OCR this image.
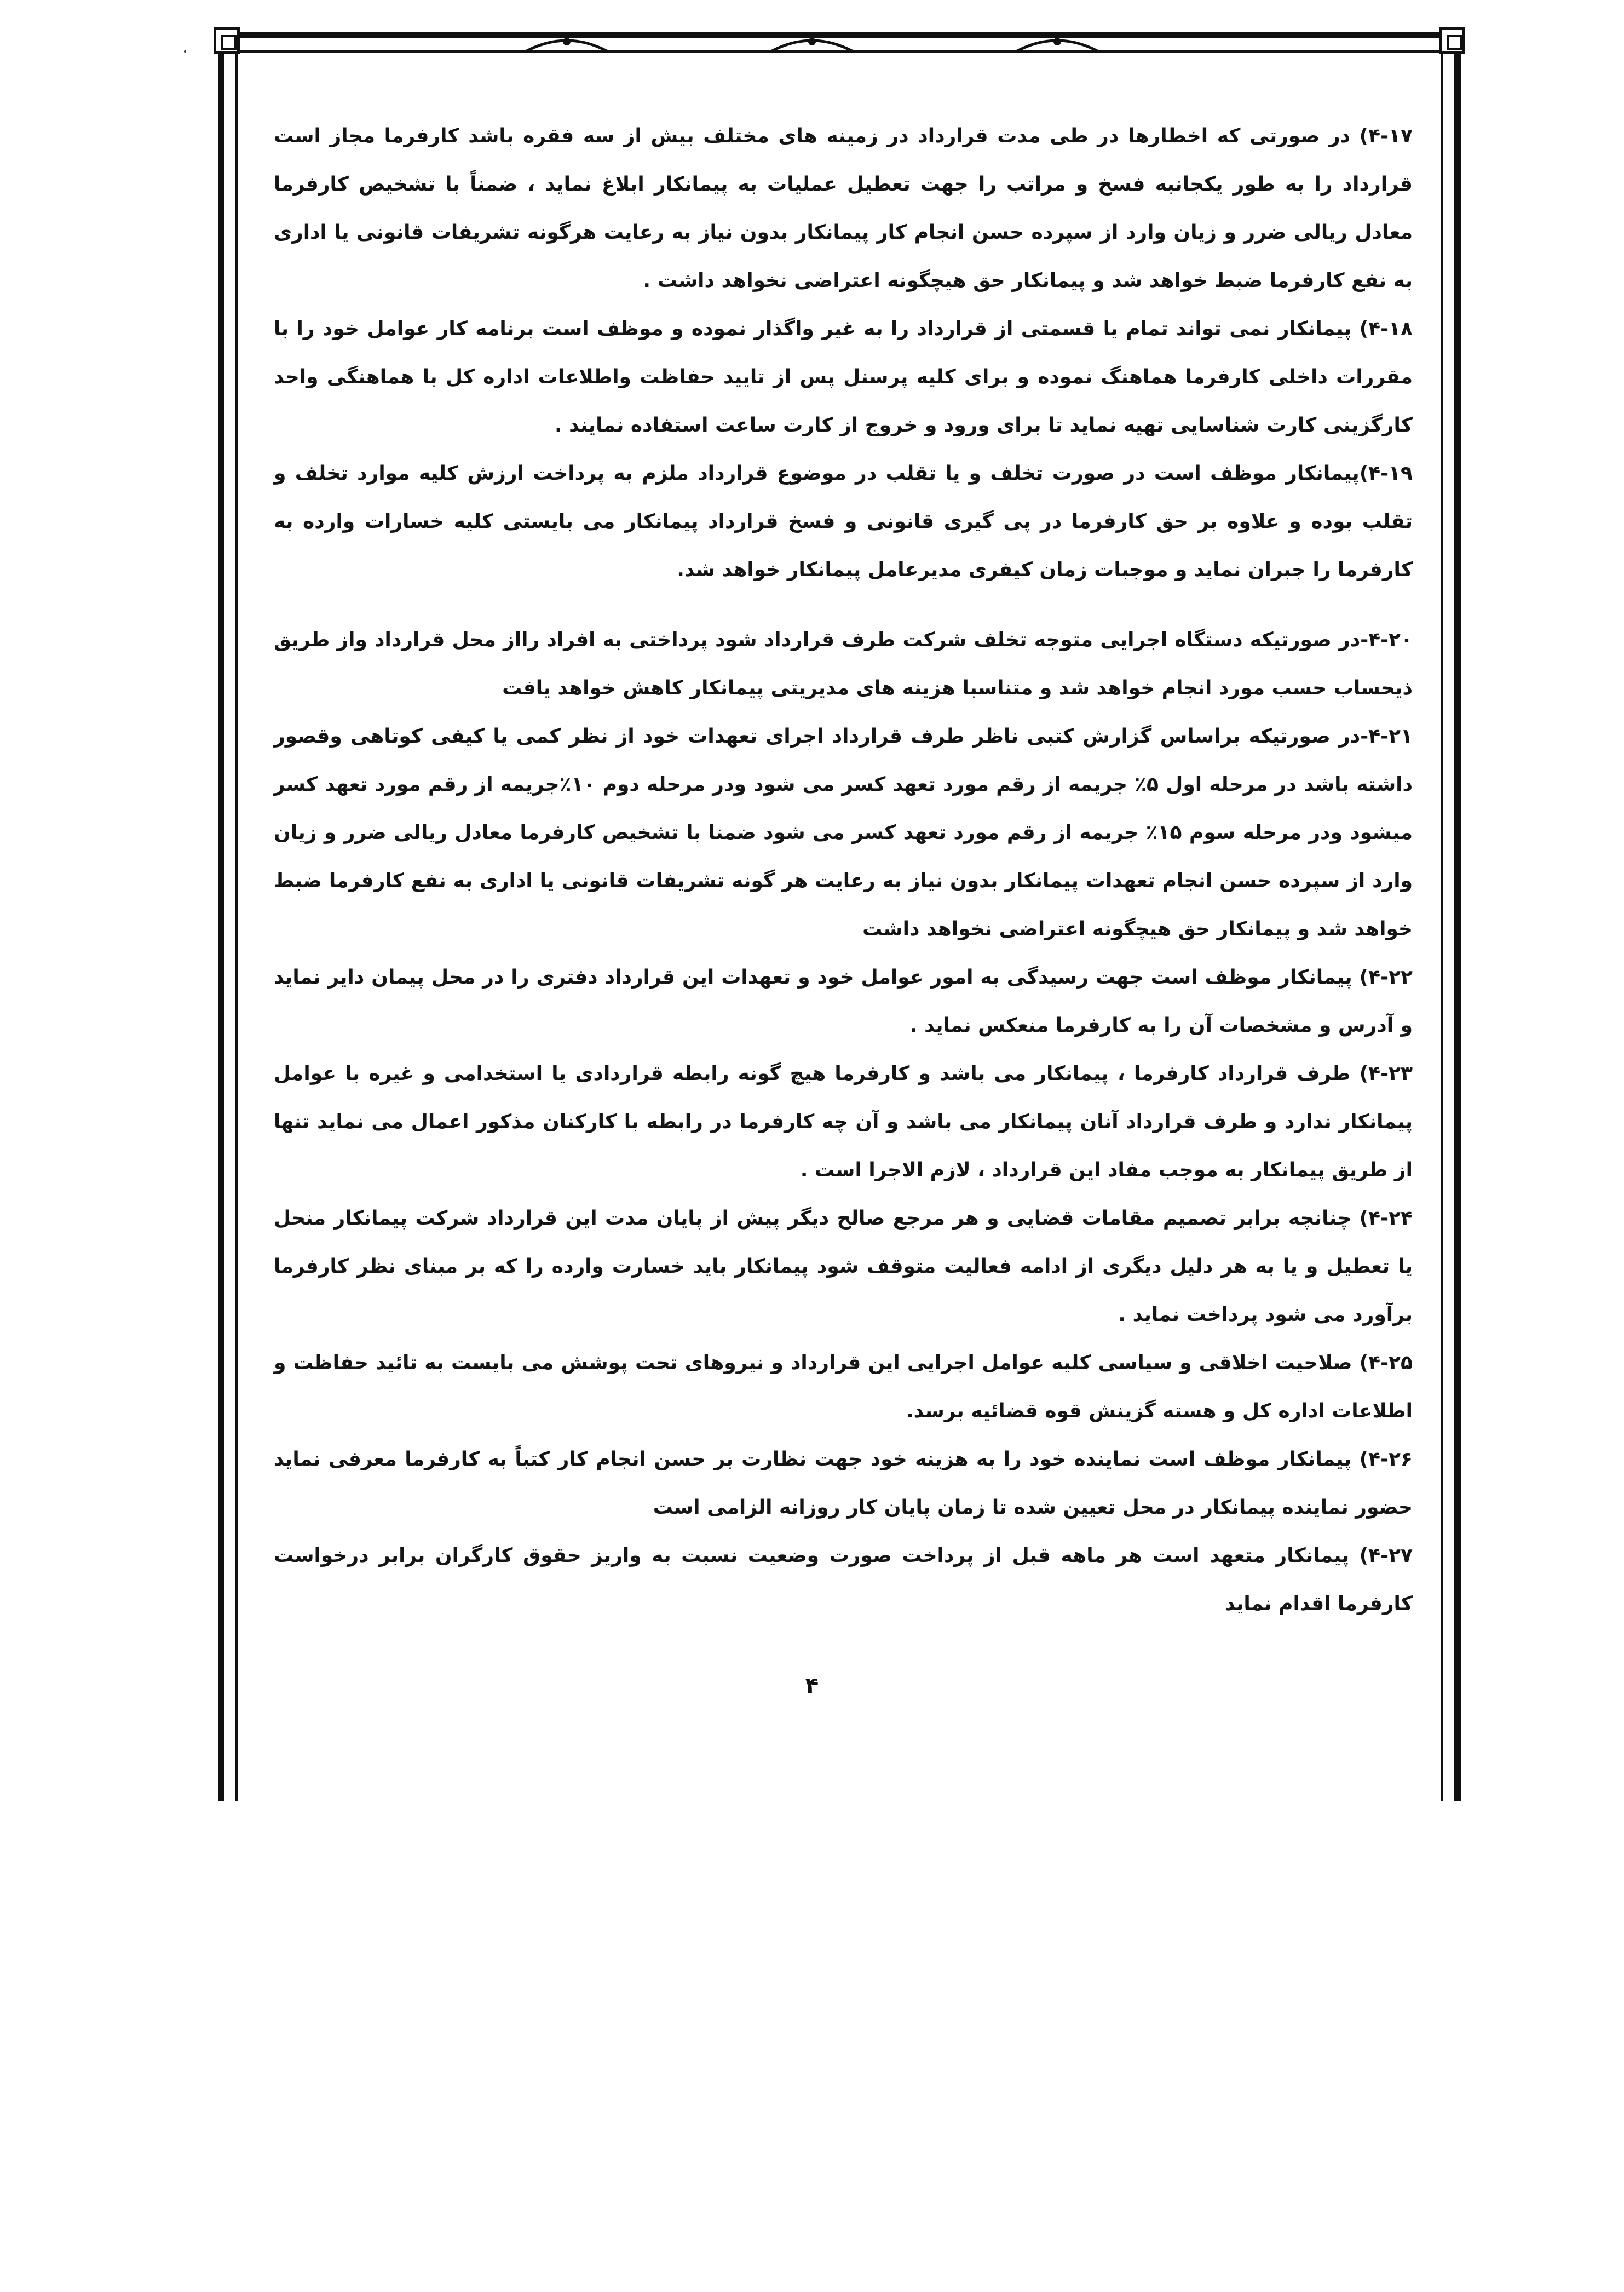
۴-۱۷) در صورتی که اخطارها در طی مدت قرارداد در زمینه های مختلف بیش از سه فقره باشد کارفرما مجاز است قرارداد را به طور یکجانبه فسخ و مراتب را جهت تعطیل عملیات به پیمانکار ابلاغ نماید ، ضمناً با تشخیص کارفرما معادل ریالی ضرر و زیان وارد از سپرده حسن انجام کار پیمانکار بدون نیاز به رعایت هرگونه تشریفات قانونی یا اداری به نفع کارفرما ضبط خواهد شد و پیمانکار حق هیچگونه اعتراضی نخواهد داشت .

۴-۱۸) پیمانکار نمی تواند تمام یا قسمتی از قرارداد را به غیر واگذار نموده و موظف است برنامه کار عوامل خود را با مقررات داخلی کارفرما هماهنگ نموده و برای کلیه پرسنل پس از تایید حفاظت واطلاعات اداره کل با هماهنگی واحد کارگزینی کارت شناسایی تهیه نماید تا برای ورود و خروج از کارت ساعت استفاده نمایند .

۴-۱۹)پیمانکار موظف است در صورت تخلف و یا تقلب در موضوع قرارداد ملزم به پرداخت ارزش کلیه موارد تخلف و تقلب بوده و علاوه بر حق کارفرما در پی گیری قانونی و فسخ قرارداد پیمانکار می بایستی کلیه خسارات وارده به کارفرما را جبران نماید و موجبات زمان کیفری مدیرعامل پیمانکار خواهد شد.

۴-۲۰-در صورتیکه دستگاه اجرایی متوجه تخلف شرکت طرف قرارداد شود پرداختی به افراد رااز محل قرارداد واز طریق ذیحساب حسب مورد انجام خواهد شد و متناسبا هزینه های مدیریتی پیمانکار کاهش خواهد یافت

۴-۲۱-در صورتیکه براساس گزارش کتبی ناظر طرف قرارداد اجرای تعهدات خود از نظر کمی یا کیفی کوتاهی وقصور داشته باشد در مرحله اول ۵٪ جریمه از رقم مورد تعهد کسر می شود ودر مرحله دوم ۱۰٪جریمه از رقم مورد تعهد کسر میشود ودر مرحله سوم ۱۵٪ جریمه از رقم مورد تعهد کسر می شود ضمنا با تشخیص کارفرما معادل ریالی ضرر و زیان وارد از سپرده حسن انجام تعهدات پیمانکار بدون نیاز به رعایت هر گونه تشریفات قانونی یا اداری به نفع کارفرما ضبط خواهد شد و پیمانکار حق هیچگونه اعتراضی نخواهد داشت

۴-۲۲) پیمانکار موظف است جهت رسیدگی به امور عوامل خود و تعهدات این قرارداد دفتری را در محل پیمان دایر نماید و آدرس و مشخصات آن را به کارفرما منعکس نماید .

۴-۲۳) طرف قرارداد کارفرما ، پیمانکار می باشد و کارفرما هیچ گونه رابطه قراردادی یا استخدامی و غیره با عوامل پیمانکار ندارد و طرف قرارداد آنان پیمانکار می باشد و آن چه کارفرما در رابطه با کارکنان مذکور اعمال می نماید تنها از طریق پیمانکار به موجب مفاد این قرارداد ، لازم الاجرا است .

۴-۲۴) چنانچه برابر تصمیم مقامات قضایی و هر مرجع صالح دیگر پیش از پایان مدت این قرارداد شرکت پیمانکار منحل یا تعطیل و یا به هر دلیل دیگری از ادامه فعالیت متوقف شود پیمانکار باید خسارت وارده را که بر مبنای نظر کارفرما برآورد می شود پرداخت نماید .

۴-۲۵) صلاحیت اخلاقی و سیاسی کلیه عوامل اجرایی این قرارداد و نیروهای تحت پوشش می بایست به تائید حفاظت و اطلاعات اداره کل و هسته گزینش قوه قضائیه برسد.

۴-۲۶) پیمانکار موظف است نماینده خود را به هزینه خود جهت نظارت بر حسن انجام کار کتباً به کارفرما معرفی نماید حضور نماینده پیمانکار در محل تعیین شده تا زمان پایان کار روزانه الزامی است

۴-۲۷) پیمانکار متعهد است هر ماهه قبل از پرداخت صورت وضعیت نسبت به واریز حقوق کارگران برابر درخواست کارفرما اقدام نماید

۴
